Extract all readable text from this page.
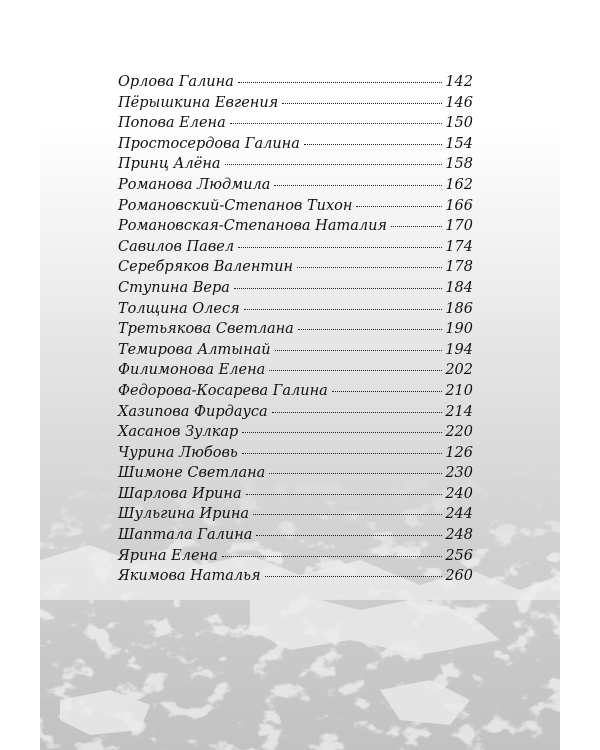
Орлова Галина	142
Пёрышкина Евгения	146
Попова Елена	150
Простосердова Галина	154
Принц Алёна	158
Романова Людмила	162
Романовский-Степанов Тихон	166
Романовская-Степанова Наталия	170
Савилов Павел	174
Серебряков Валентин	178
Ступина Вера	184
Толщина Олеся	186
Третьякова Светлана	190
Темирова Алтынай	194
Филимонова Елена	202
Федорова-Косарева Галина	210
Хазипова Фирдауса	214
Хасанов Зулкар	220
Чурина Любовь	126
Шимоне Светлана	230
Шарлова Ирина	240
Шульгина Ирина	244
Шаптала Галина	248
Ярина Елена	256
Якимова Наталья	260
